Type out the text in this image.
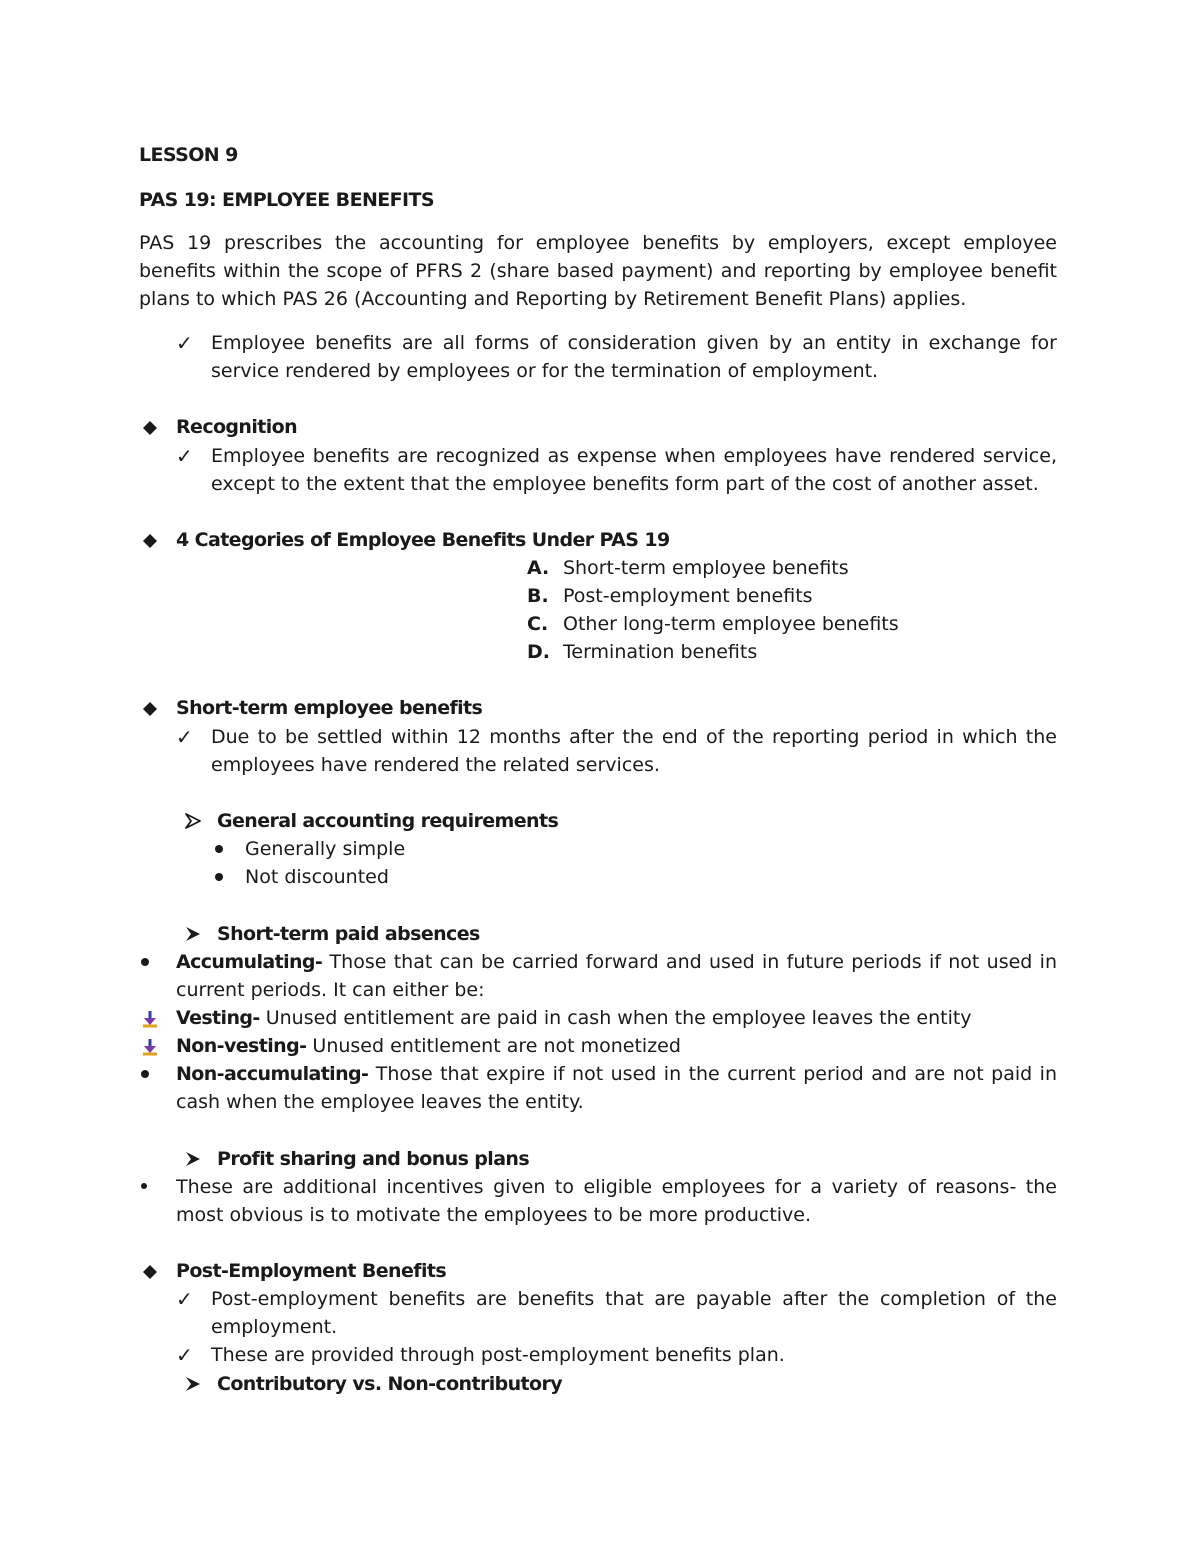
LESSON 9
PAS 19: EMPLOYEE BENEFITS
PAS 19 prescribes the accounting for employee benefits by employers, except employee benefits within the scope of PFRS 2 (share based payment) and reporting by employee benefit plans to which PAS 26 (Accounting and Reporting by Retirement Benefit Plans) applies.
✓ Employee benefits are all forms of consideration given by an entity in exchange for service rendered by employees or for the termination of employment.
Recognition
✓ Employee benefits are recognized as expense when employees have rendered service, except to the extent that the employee benefits form part of the cost of another asset.
4 Categories of Employee Benefits Under PAS 19
A. Short-term employee benefits
B. Post-employment benefits
C. Other long-term employee benefits
D. Termination benefits
Short-term employee benefits
✓ Due to be settled within 12 months after the end of the reporting period in which the employees have rendered the related services.
General accounting requirements
Generally simple
Not discounted
Short-term paid absences
Accumulating- Those that can be carried forward and used in future periods if not used in current periods. It can either be:
Vesting- Unused entitlement are paid in cash when the employee leaves the entity
Non-vesting- Unused entitlement are not monetized
Non-accumulating- Those that expire if not used in the current period and are not paid in cash when the employee leaves the entity.
Profit sharing and bonus plans
These are additional incentives given to eligible employees for a variety of reasons- the most obvious is to motivate the employees to be more productive.
Post-Employment Benefits
✓ Post-employment benefits are benefits that are payable after the completion of the employment.
✓ These are provided through post-employment benefits plan.
Contributory vs. Non-contributory
